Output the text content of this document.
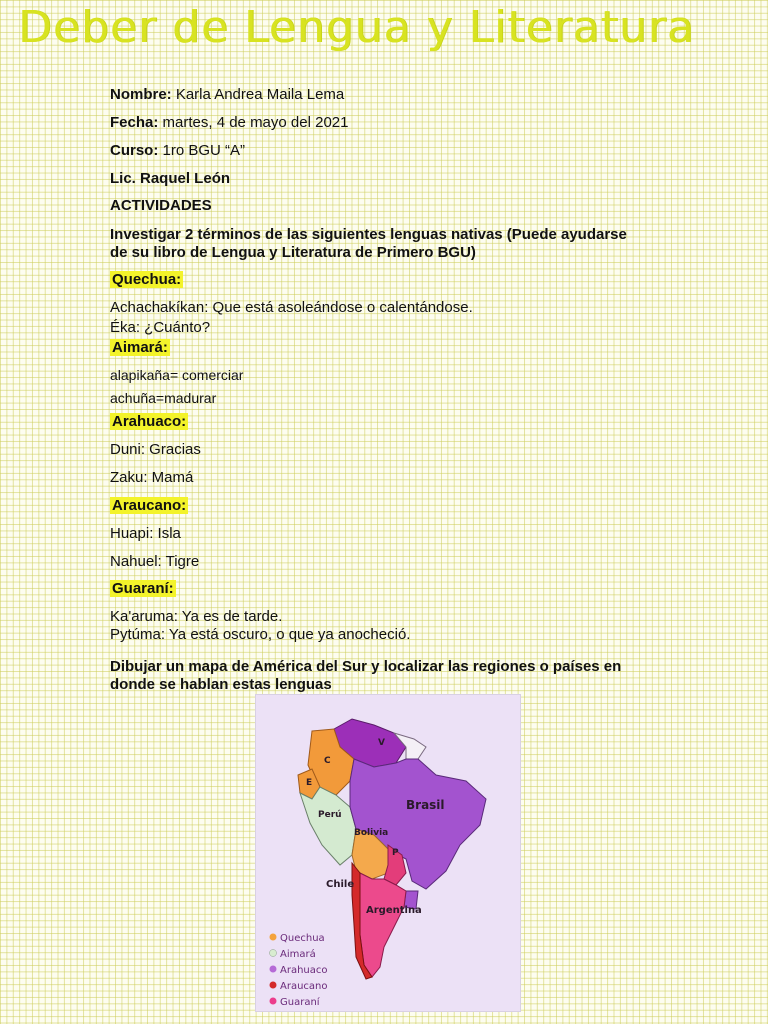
Deber de Lengua y Literatura
Nombre: Karla Andrea Maila Lema
Fecha: martes, 4 de mayo del 2021
Curso: 1ro BGU “A”
Lic. Raquel León
ACTIVIDADES
Investigar 2 términos de las siguientes lenguas nativas (Puede ayudarse
de su libro de Lengua y Literatura de Primero BGU)
Quechua:
Achachakíkan: Que está asoleándose o calentándose.
Éka: ¿Cuánto?
Aimará:
alapikaña= comerciar
achuña=madurar
Arahuaco:
Duni: Gracias
Zaku: Mamá
Araucano:
Huapi: Isla
Nahuel: Tigre
Guaraní:
Ka'aruma: Ya es de tarde.
Pytúma: Ya está oscuro, o que ya anocheció.
Dibujar un mapa de América del Sur y localizar las regiones o países en
donde se hablan estas lenguas
V
C
E
Perú
Brasil
Bolivia
P
Chile
Argentina
Quechua
Aimará
Arahuaco
Araucano
Guaraní
